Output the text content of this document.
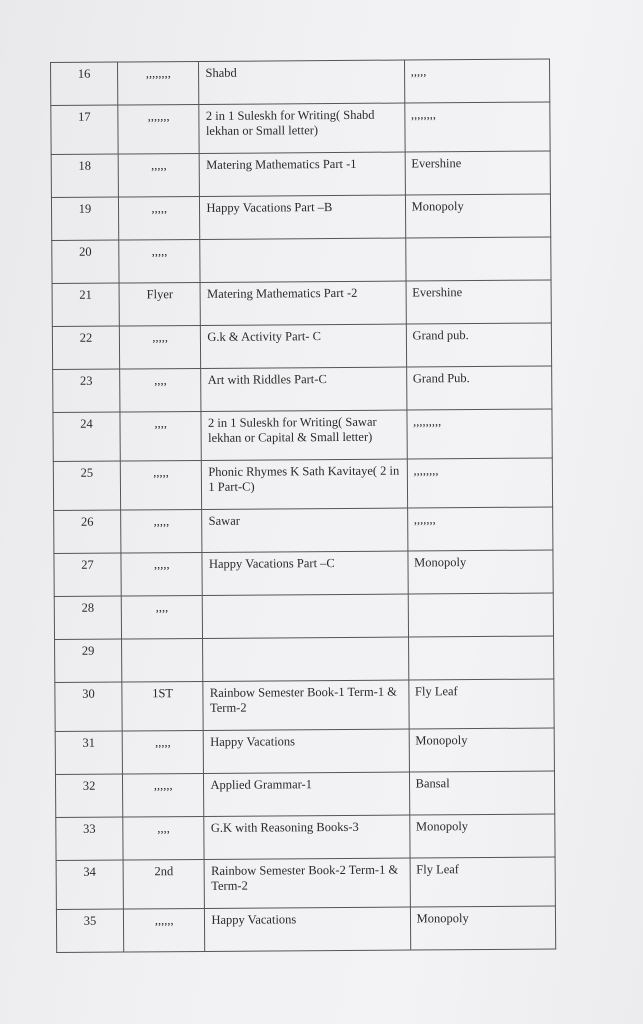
16	,,,,,,,,	Shabd	,,,,,
17	,,,,,,,	2 in 1 Suleskh for Writing( Shabd lekhan or Small letter)	,,,,,,,,
18	,,,,,	Matering Mathematics Part -1	Evershine
19	,,,,,	Happy Vacations Part –B	Monopoly
20	,,,,,		
21	Flyer	Matering Mathematics Part -2	Evershine
22	,,,,,	G.k & Activity Part- C	Grand pub.
23	,,,,	Art with Riddles Part-C	Grand Pub.
24	,,,,	2 in 1 Suleskh for Writing( Sawar lekhan or Capital & Small letter)	,,,,,,,,,
25	,,,,,	Phonic Rhymes K Sath Kavitaye( 2 in 1 Part-C)	,,,,,,,,
26	,,,,,	Sawar	,,,,,,,
27	,,,,,	Happy Vacations Part –C	Monopoly
28	,,,,		
29			
30	1ST	Rainbow Semester Book-1 Term-1 & Term-2	Fly Leaf
31	,,,,,	Happy Vacations	Monopoly
32	,,,,,,	Applied Grammar-1	Bansal
33	,,,,	G.K with Reasoning Books-3	Monopoly
34	2nd	Rainbow Semester Book-2 Term-1 & Term-2	Fly Leaf
35	,,,,,,	Happy Vacations	Monopoly
